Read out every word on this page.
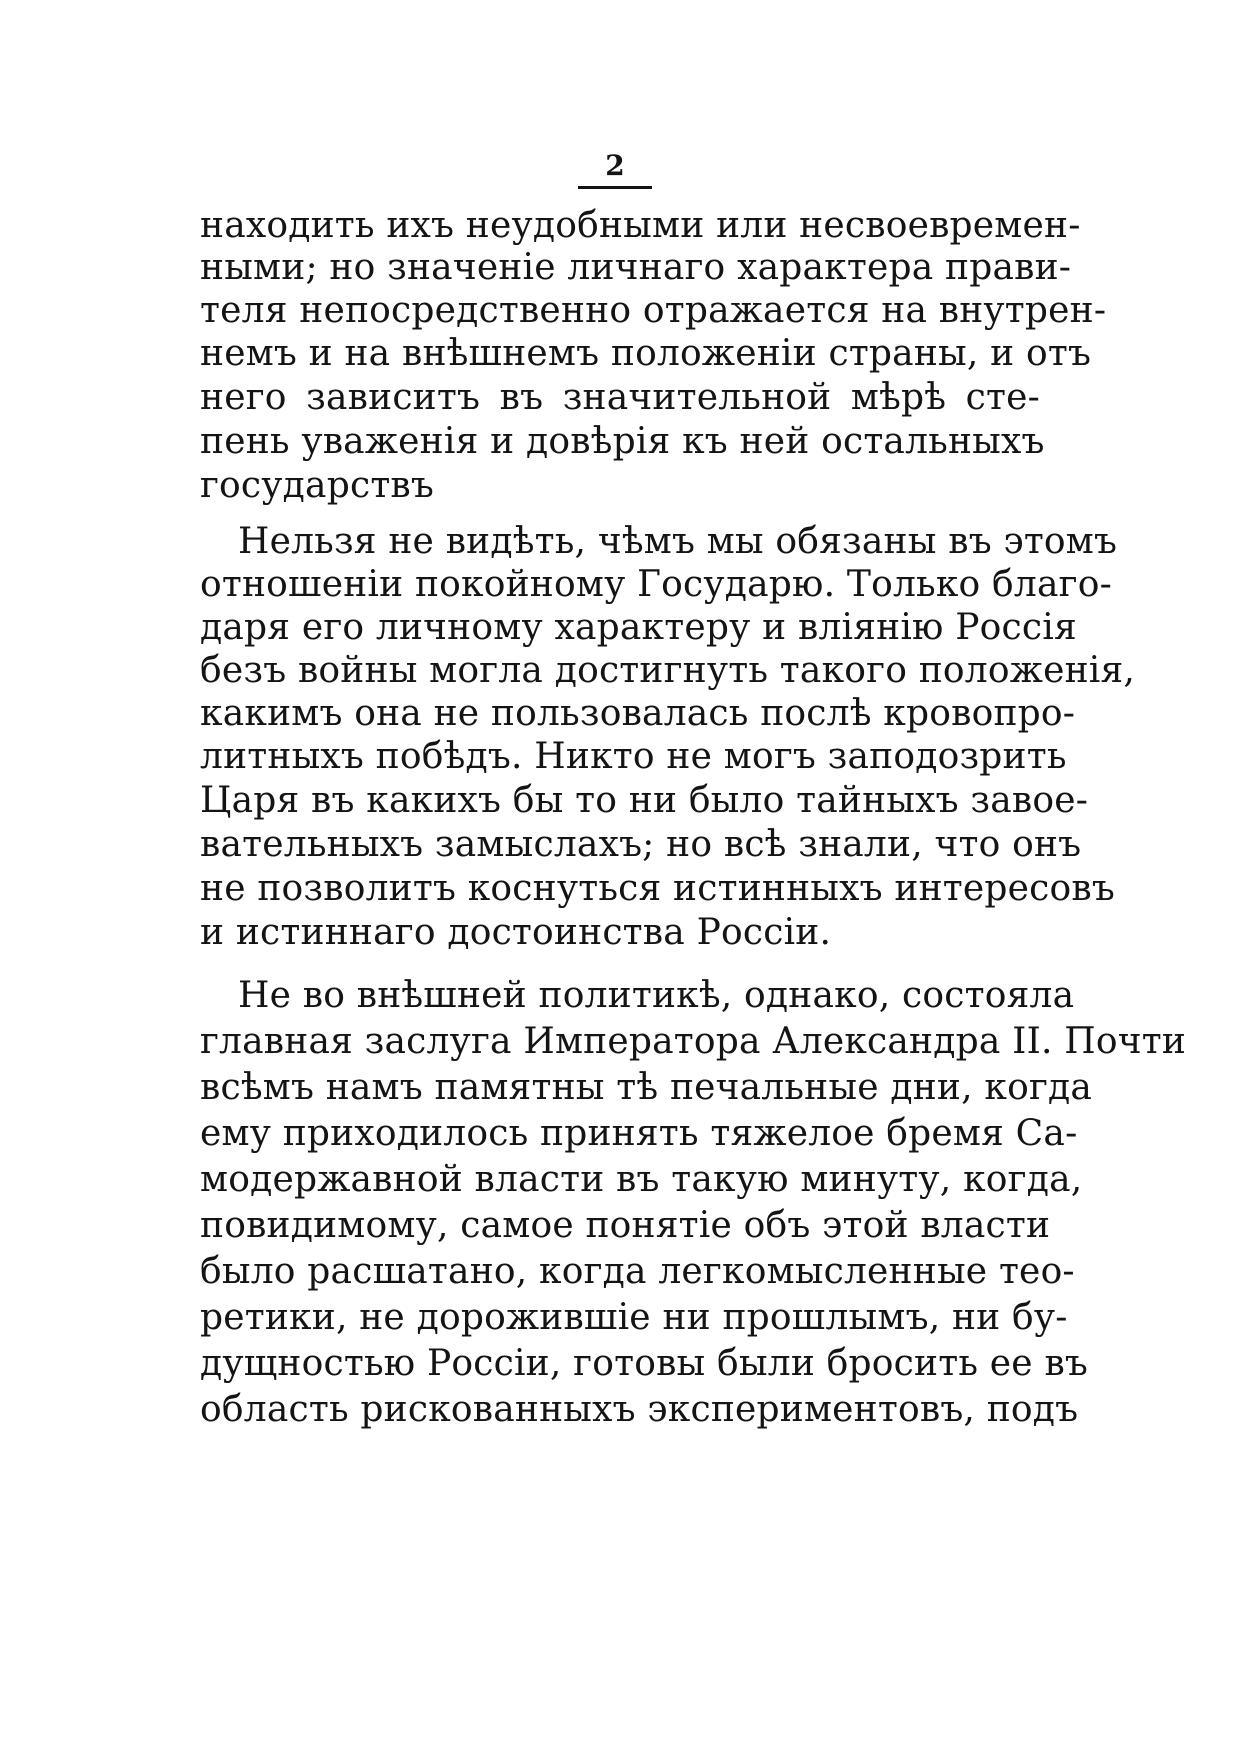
2
находить ихъ неудобными или несвоевремен-
ными; но значеніе личнаго характера прави-
теля непосредственно отражается на внутрен-
немъ и на внѣшнемъ положеніи страны, и отъ
него зависитъ въ значительной мѣрѣ сте-
пень уваженія и довѣрія къ ней остальныхъ
государствъ
Нельзя не видѣть, чѣмъ мы обязаны въ этомъ
отношеніи покойному Государю. Только благо-
даря его личному характеру и вліянію Россія
безъ войны могла достигнуть такого положенія,
какимъ она не пользовалась послѣ кровопро-
литныхъ побѣдъ. Никто не могъ заподозрить
Царя въ какихъ бы то ни было тайныхъ завое-
вательныхъ замыслахъ; но всѣ знали, что онъ
не позволитъ коснуться истинныхъ интересовъ
и истиннаго достоинства Россіи.
Не во внѣшней политикѣ, однако, состояла
главная заслуга Императора Александра II. Почти
всѣмъ намъ памятны тѣ печальные дни, когда
ему приходилось принять тяжелое бремя Са-
модержавной власти въ такую минуту, когда,
повидимому, самое понятіе объ этой власти
было расшатано, когда легкомысленные тео-
ретики, не дорожившіе ни прошлымъ, ни бу-
дущностью Россіи, готовы были бросить ее въ
область рискованныхъ экспериментовъ, подъ
